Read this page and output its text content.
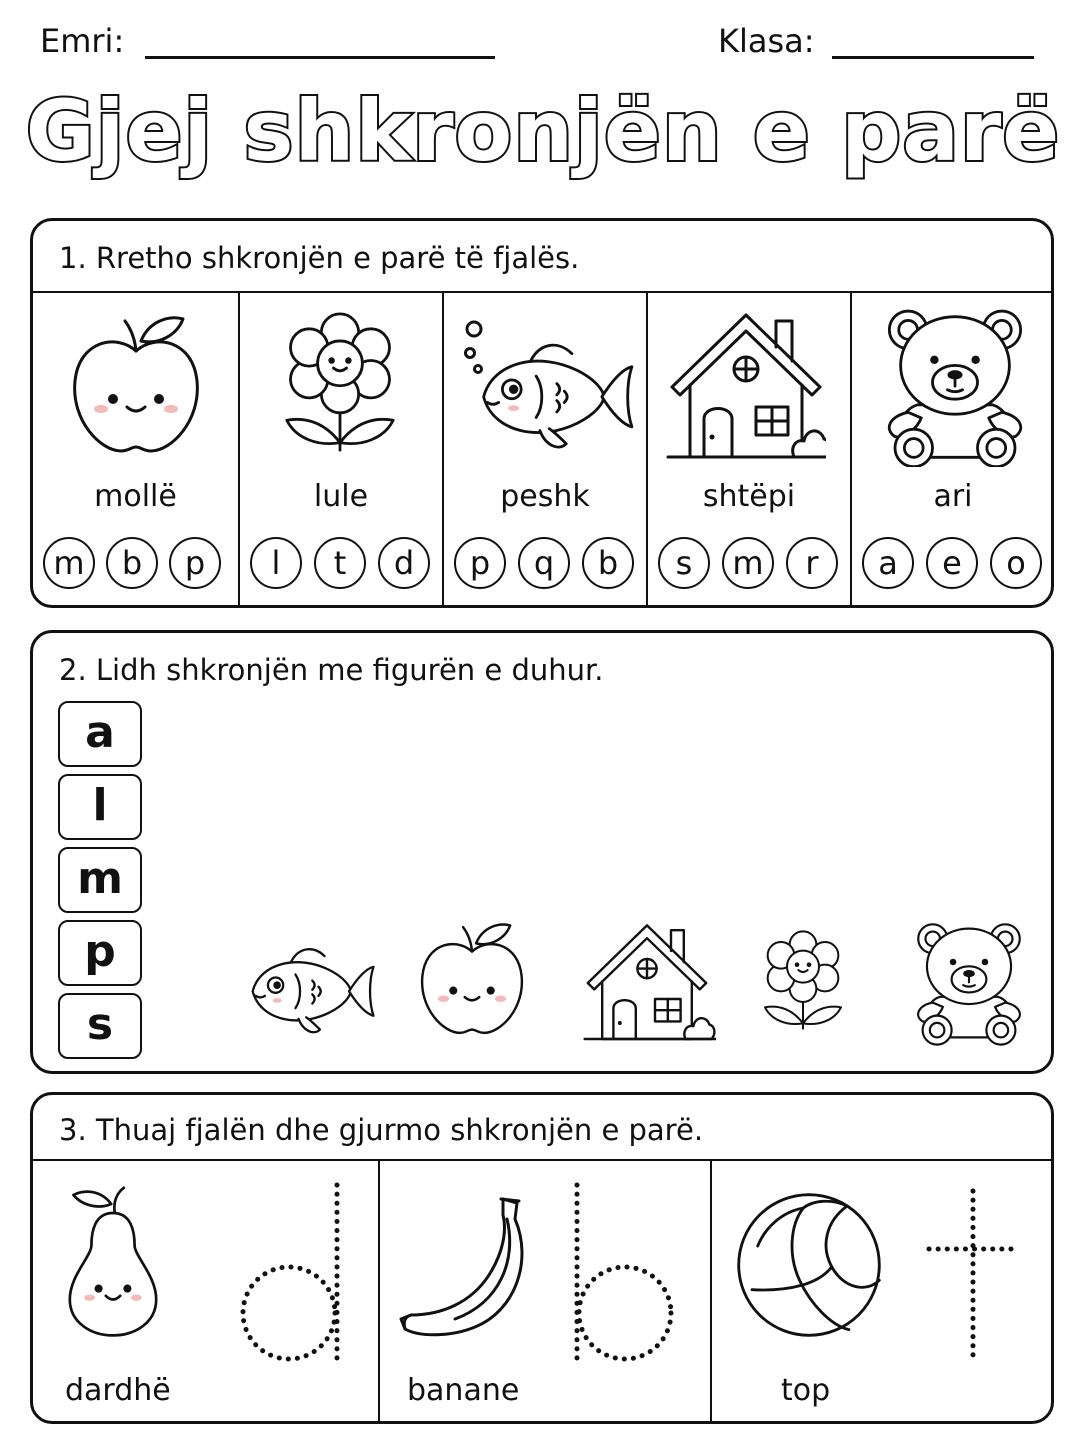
Emri:	Klasa:
Gjej shkronjën e parë
1. Rretho shkronjën e parë të fjalës.
mollë
m	b	p
lule
l	t	d
peshk
p	q	b
shtëpi
s	m	r
ari
a	e	o
2. Lidh shkronjën me figurën e duhur.
a
l
m
p
s
3. Thuaj fjalën dhe gjurmo shkronjën e parë.
dardhë	banane	top
